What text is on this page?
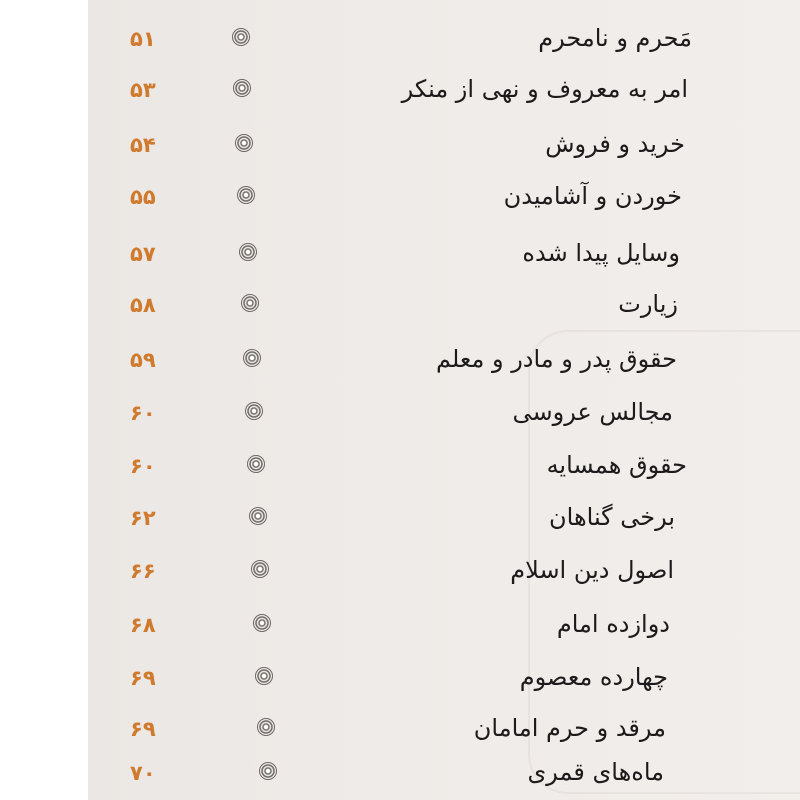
۵۱	مَحرم و نامحرم
۵۳	امر به معروف و نهی از منکر
۵۴	خرید و فروش
۵۵	خوردن و آشامیدن
۵۷	وسایل پیدا شده
۵۸	زیارت
۵۹	حقوق پدر و مادر و معلم
۶۰	مجالس عروسی
۶۰	حقوق همسایه
۶۲	برخی گناهان
۶۶	اصول دین اسلام
۶۸	دوازده امام
۶۹	چهارده معصوم
۶۹	مرقد و حرم امامان
۷۰	ماه‌های قمری
